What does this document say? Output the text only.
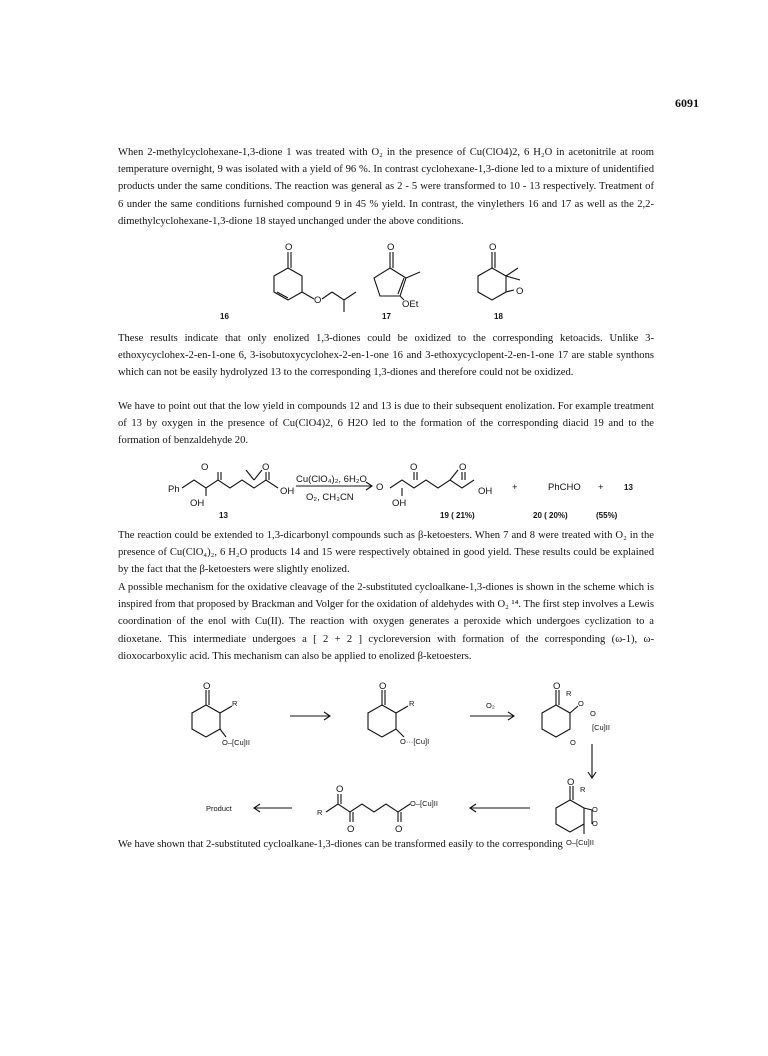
6091

When 2-methylcyclohexane-1,3-dione 1 was treated with O₂ in the presence of Cu(ClO4)2, 6 H₂O in acetonitrile at room temperature overnight, 9 was isolated with a yield of 96 %. In contrast cyclohexane-1,3-dione led to a mixture of unidentified products under the same conditions. The reaction was general as 2 - 5 were transformed to 10 - 13 respectively. Treatment of 6 under the same conditions furnished compound 9 in 45 % yield. In contrast, the vinylethers 16 and 17 as well as the 2,2-dimethylcyclohexane-1,3-dione 18 stayed unchanged under the above conditions.

16	17	18

These results indicate that only enolized 1,3-diones could be oxidized to the corresponding ketoacids. Unlike 3-ethoxycyclohex-2-en-1-one 6, 3-isobutoxycyclohex-2-en-1-one 16 and 3-ethoxycyclopent-2-en-1-one 17 are stable synthons which can not be easily hydrolyzed 13 to the corresponding 1,3-diones and therefore could not be oxidized.

We have to point out that the low yield in compounds 12 and 13 is due to their subsequent enolization. For example treatment of 13 by oxygen in the presence of Cu(ClO4)2, 6 H2O led to the formation of the corresponding diacid 19 and to the formation of benzaldehyde 20.

13	19 ( 21%)	20 ( 20%)	(55%)

The reaction could be extended to 1,3-dicarbonyl compounds such as β-ketoesters. When 7 and 8 were treated with O₂ in the presence of Cu(ClO₄)₂, 6 H₂O products 14 and 15 were respectively obtained in good yield. These results could be explained by the fact that the β-ketoesters were slightly enolized.

A possible mechanism for the oxidative cleavage of the 2-substituted cycloalkane-1,3-diones is shown in the scheme which is inspired from that proposed by Brackman and Volger for the oxidation of aldehydes with O₂ ¹⁴. The first step involves a Lewis coordination of the enol with Cu(II). The reaction with oxygen generates a peroxide which undergoes cyclization to a dioxetane. This intermediate undergoes a [ 2 + 2 ] cycloreversion with formation of the corresponding (ω-1), ω-dioxocarboxylic acid. This mechanism can also be applied to enolized β-ketoesters.

We have shown that 2-substituted cycloalkane-1,3-diones can be transformed easily to the corresponding

O
O
O
OEt
O
O
Ph
O	O
OH
OH
Cu(ClO₄)₂, 6H₂O
O₂, CH₃CN
O
O	O
OH
OH +	PhCHO +	13
O
R
O–[Cu]II
O
R
O···[Cu]I
O₂
O
R
O
O
[Cu]II
O
O
R
O
O
O–[Cu]II
R
O
O	O
O–[Cu]II
Product
